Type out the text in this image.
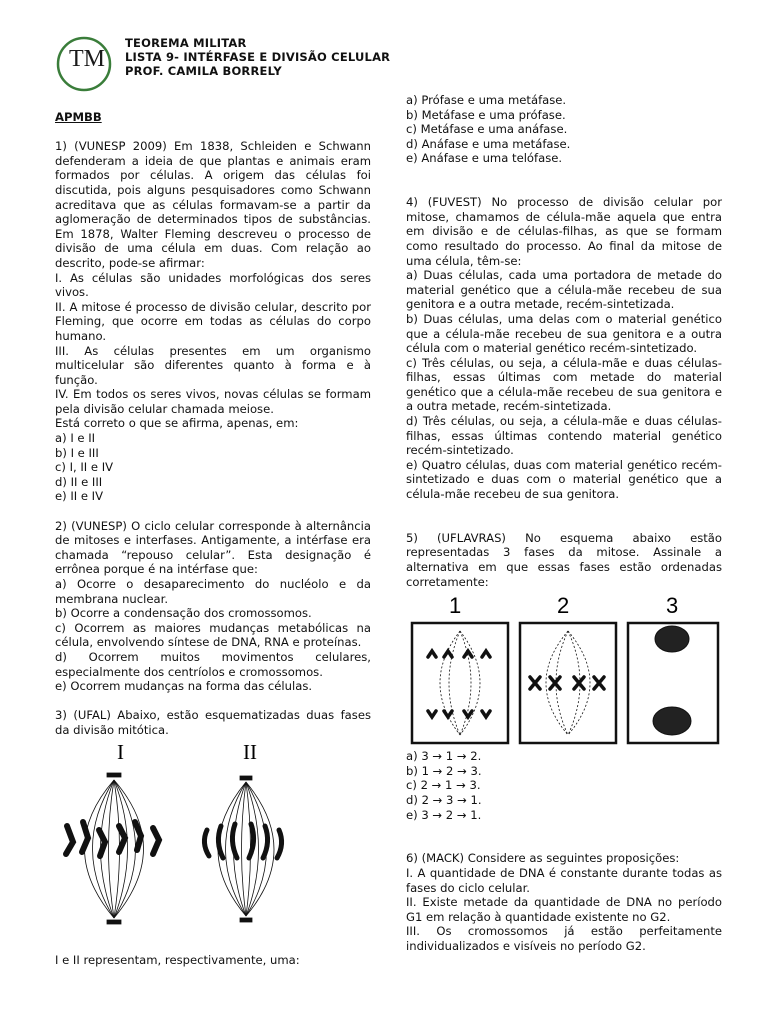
TM
TEOREMA MILITAR
LISTA 9- INTÉRFASE E DIVISÃO CELULAR
PROF. CAMILA BORRELY

APMBB

1) (VUNESP 2009) Em 1838, Schleiden e Schwann defenderam a ideia de que plantas e animais eram formados por células. A origem das células foi discutida, pois alguns pesquisadores como Schwann acreditava que as células formavam-se a partir da aglomeração de determinados tipos de substâncias. Em 1878, Walter Fleming descreveu o processo de divisão de uma célula em duas. Com relação ao descrito, pode-se afirmar:

I. As células são unidades morfológicas dos seres vivos.

II. A mitose é processo de divisão celular, descrito por Fleming, que ocorre em todas as células do corpo humano.

III. As células presentes em um organismo multicelular são diferentes quanto à forma e à função.

IV. Em todos os seres vivos, novas células se formam pela divisão celular chamada meiose.

Está correto o que se afirma, apenas, em:

a) I e II

b) I e III

c) I, II e IV

d) II e III

e) II e IV

2) (VUNESP) O ciclo celular corresponde à alternância de mitoses e interfases. Antigamente, a intérfase era chamada “repouso celular”. Esta designação é errônea porque é na intérfase que:

a) Ocorre o desaparecimento do nucléolo e da membrana nuclear.

b) Ocorre a condensação dos cromossomos.

c) Ocorrem as maiores mudanças metabólicas na célula, envolvendo síntese de DNA, RNA e proteínas.

d) Ocorrem muitos movimentos celulares, especialmente dos centríolos e cromossomos.

e) Ocorrem mudanças na forma das células.

3) (UFAL) Abaixo, estão esquematizadas duas fases da divisão mitótica.

I	II

I e II representam, respectivamente, uma:

a) Prófase e uma metáfase.

b) Metáfase e uma prófase.

c) Metáfase e uma anáfase.

d) Anáfase e uma metáfase.

e) Anáfase e uma telófase.

4) (FUVEST) No processo de divisão celular por mitose, chamamos de célula-mãe aquela que entra em divisão e de células-filhas, as que se formam como resultado do processo. Ao final da mitose de uma célula, têm-se:

a) Duas células, cada uma portadora de metade do material genético que a célula-mãe recebeu de sua genitora e a outra metade, recém-sintetizada.

b) Duas células, uma delas com o material genético que a célula-mãe recebeu de sua genitora e a outra célula com o material genético recém-sintetizado.

c) Três células, ou seja, a célula-mãe e duas células-filhas, essas últimas com metade do material genético que a célula-mãe recebeu de sua genitora e a outra metade, recém-sintetizada.

d) Três células, ou seja, a célula-mãe e duas células-filhas, essas últimas contendo material genético recém-sintetizado.

e) Quatro células, duas com material genético recém-sintetizado e duas com o material genético que a célula-mãe recebeu de sua genitora.

5) (UFLAVRAS) No esquema abaixo estão representadas 3 fases da mitose. Assinale a alternativa em que essas fases estão ordenadas corretamente:

1	2	3

a) 3 → 1 → 2.

b) 1 → 2 → 3.

c) 2 → 1 → 3.

d) 2 → 3 → 1.

e) 3 → 2 → 1.

6) (MACK) Considere as seguintes proposições:

I. A quantidade de DNA é constante durante todas as fases do ciclo celular.

II. Existe metade da quantidade de DNA no período G1 em relação à quantidade existente no G2.

III. Os cromossomos já estão perfeitamente individualizados e visíveis no período G2.
